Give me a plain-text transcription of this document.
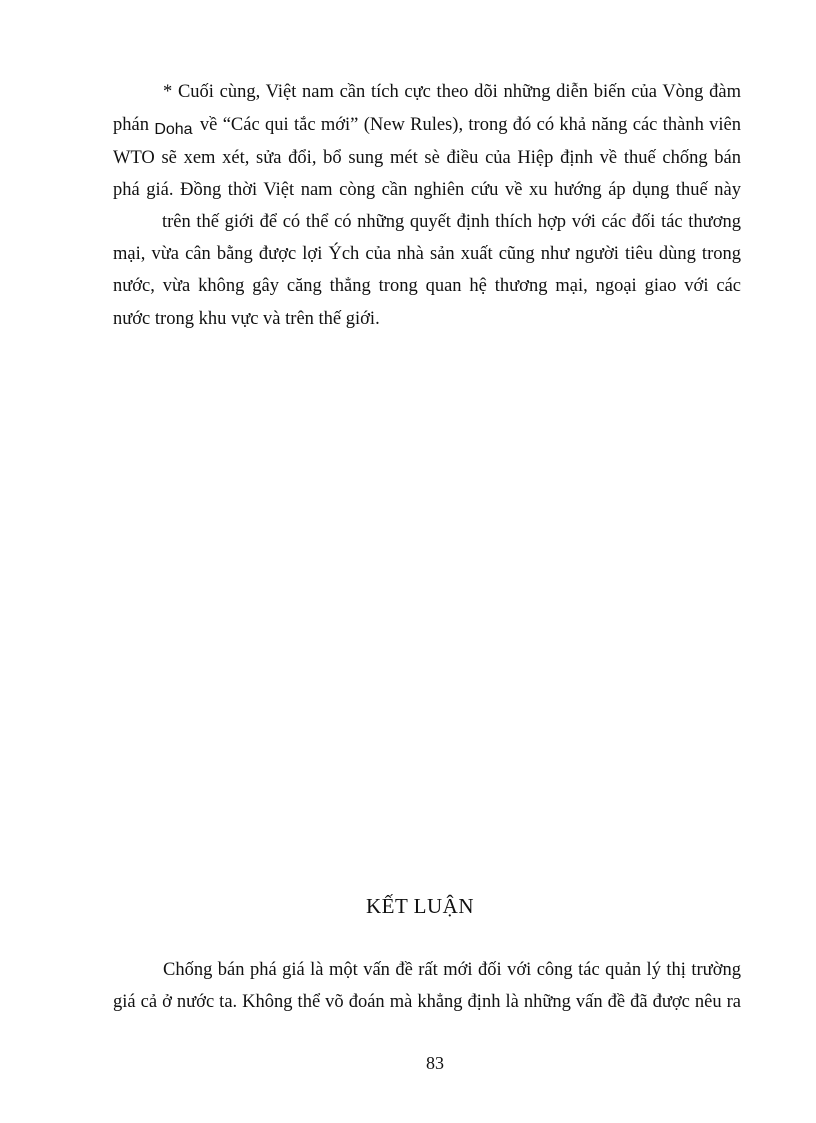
* Cuối cùng, Việt nam cần tích cực theo dõi những diễn biến của Vòng đàm
phán Doha về “Các qui tắc mới” (New Rules), trong đó có khả năng các thành viên
WTO sẽ xem xét, sửa đổi, bổ sung mét sè điều của Hiệp định về thuế chống bán
phá giá. Đồng thời Việt nam còng cần nghiên cứu về xu hướng áp dụng thuế này
trên thế giới để có thể có những quyết định thích hợp với các đối tác thương
mại, vừa cân bằng được lợi Ých của nhà sản xuất cũng như người tiêu dùng trong
nước, vừa không gây căng thẳng trong quan hệ thương mại, ngoại giao với các
nước trong khu vực và trên thế giới.
KẾT LUẬN
Chống bán phá giá là một vấn đề rất mới đối với công tác quản lý thị trường
giá cả ở nước ta. Không thể võ đoán mà khẳng định là những vấn đề đã được nêu ra
83
